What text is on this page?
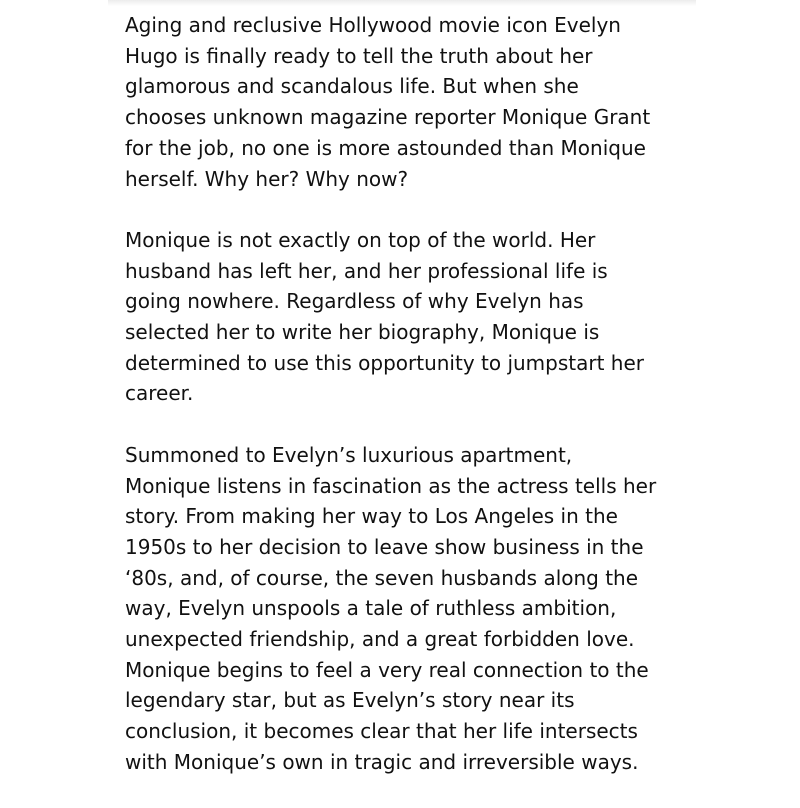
Aging and reclusive Hollywood movie icon Evelyn
Hugo is finally ready to tell the truth about her
glamorous and scandalous life. But when she
chooses unknown magazine reporter Monique Grant
for the job, no one is more astounded than Monique
herself. Why her? Why now?

Monique is not exactly on top of the world. Her
husband has left her, and her professional life is
going nowhere. Regardless of why Evelyn has
selected her to write her biography, Monique is
determined to use this opportunity to jumpstart her
career.

Summoned to Evelyn’s luxurious apartment,
Monique listens in fascination as the actress tells her
story. From making her way to Los Angeles in the
1950s to her decision to leave show business in the
‘80s, and, of course, the seven husbands along the
way, Evelyn unspools a tale of ruthless ambition,
unexpected friendship, and a great forbidden love.
Monique begins to feel a very real connection to the
legendary star, but as Evelyn’s story near its
conclusion, it becomes clear that her life intersects
with Monique’s own in tragic and irreversible ways.
